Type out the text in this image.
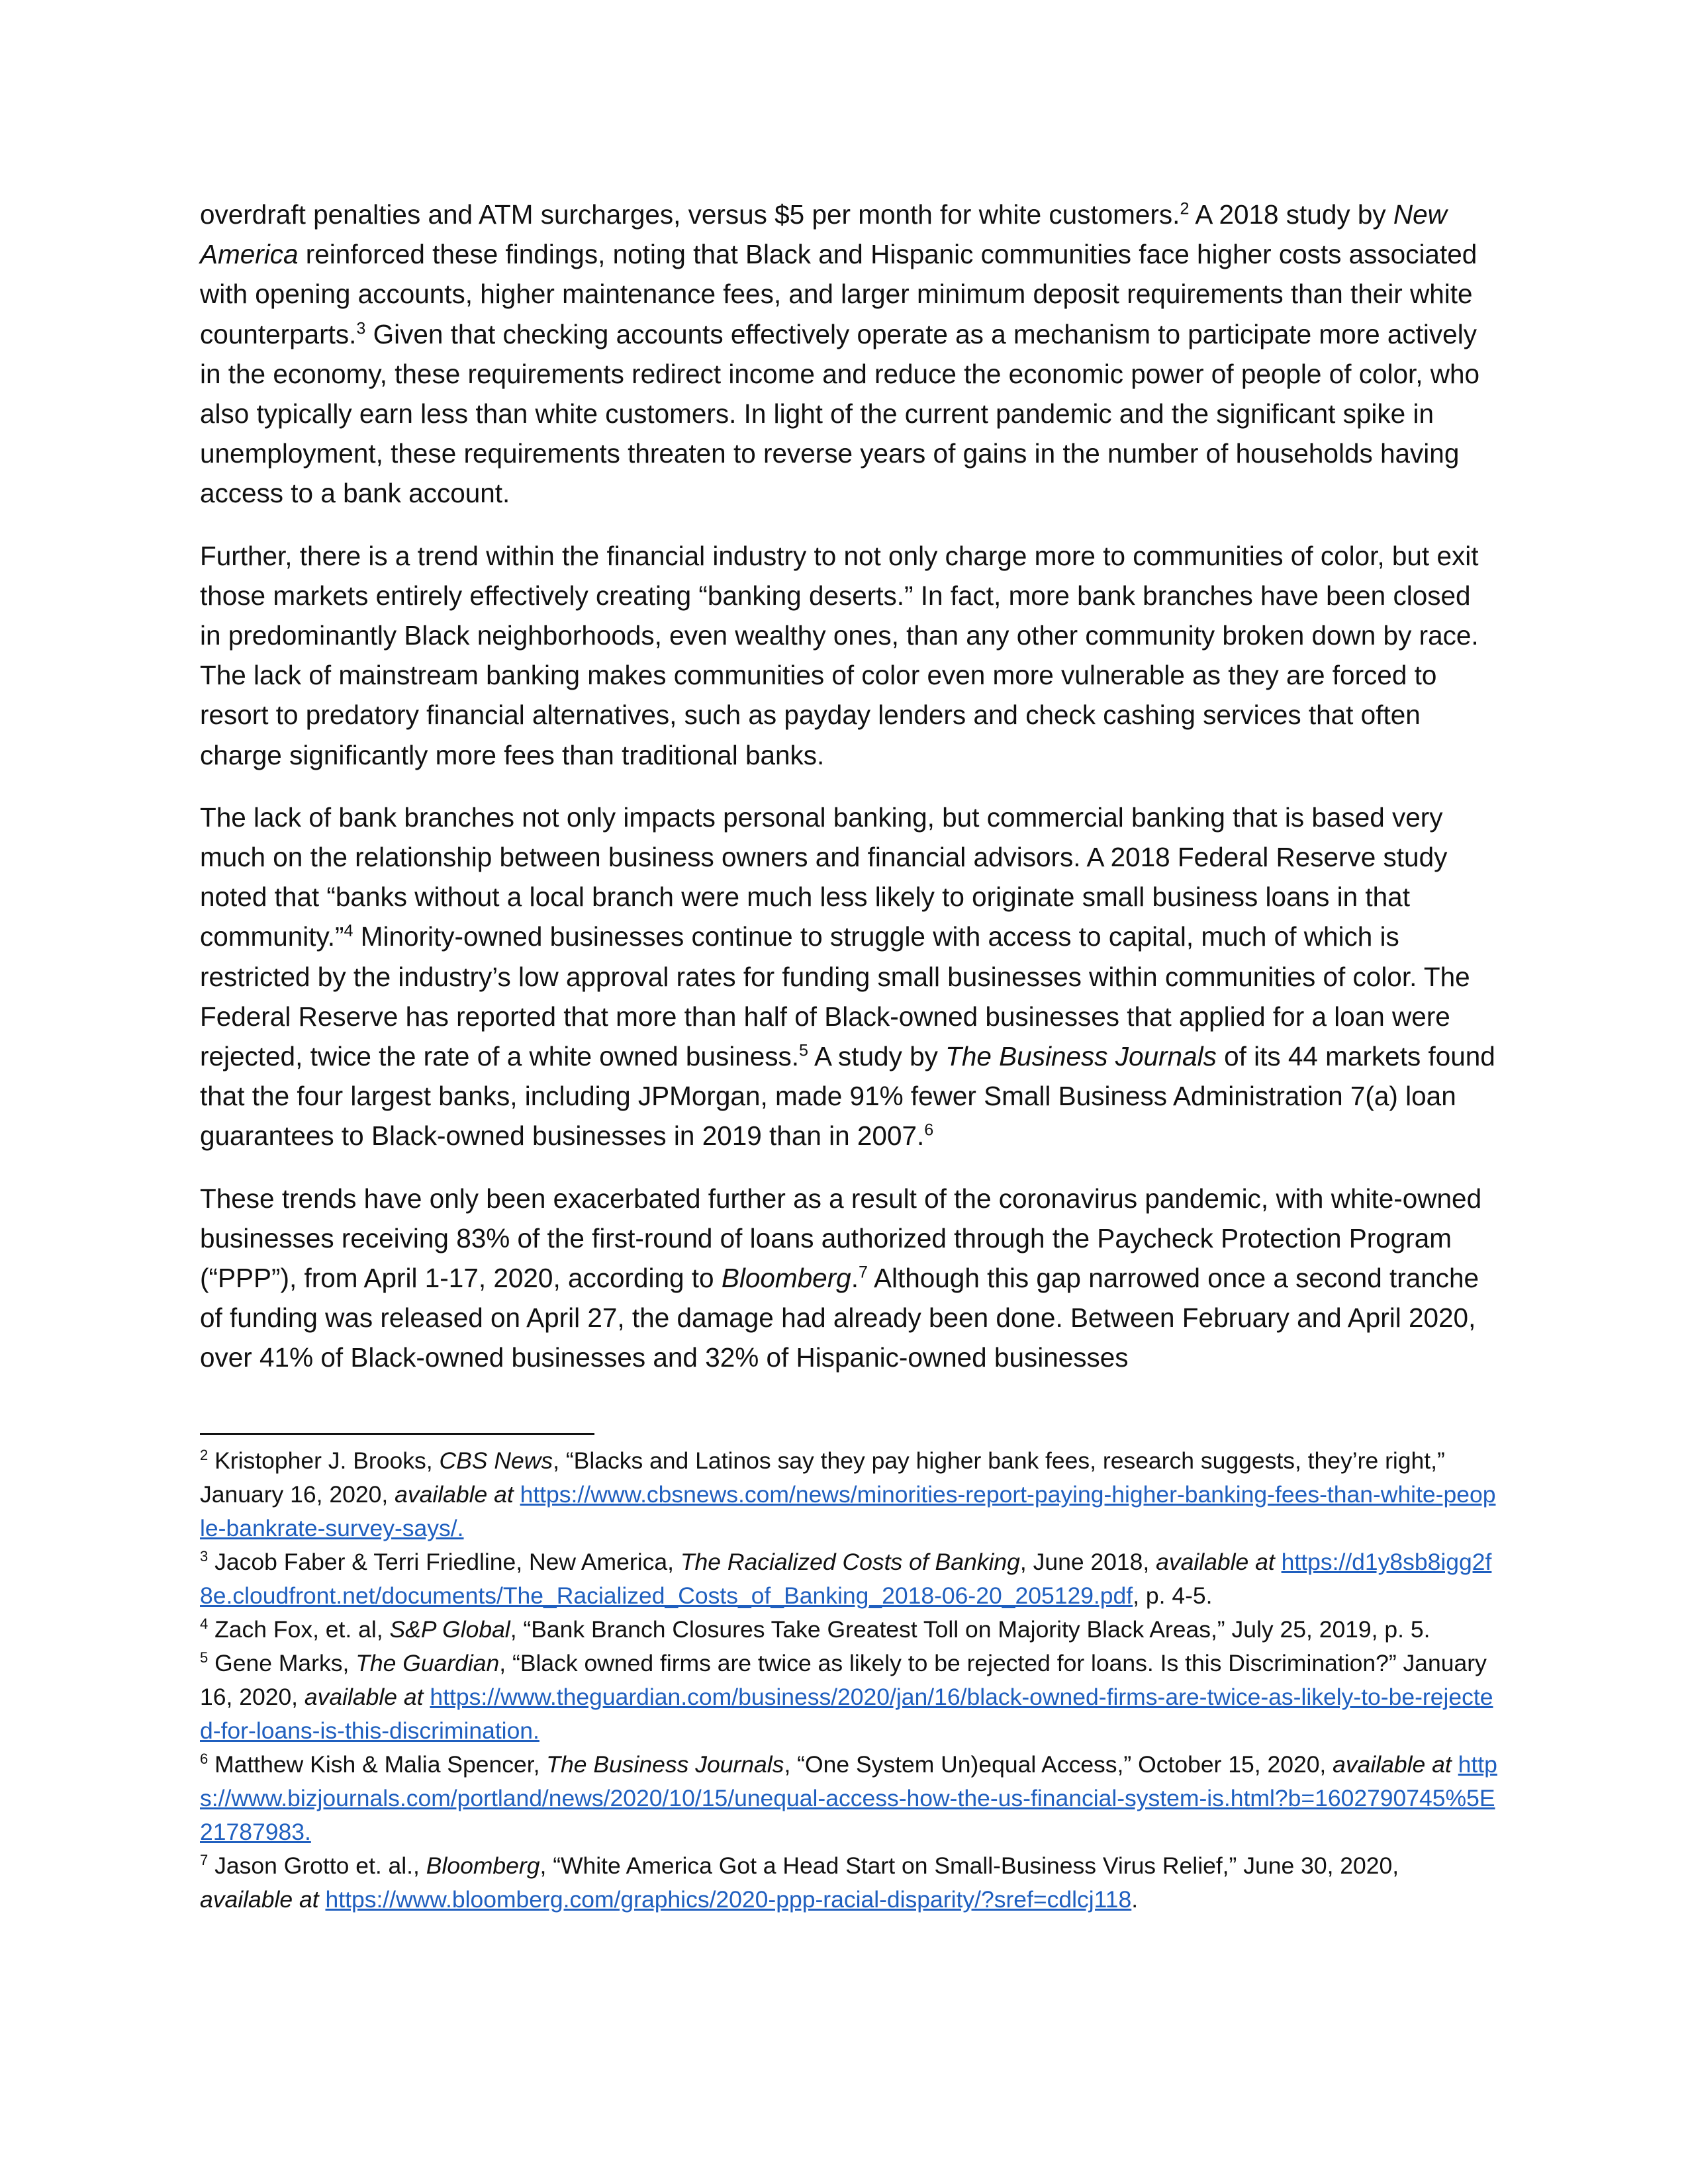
overdraft penalties and ATM surcharges, versus $5 per month for white customers.$^2$ A 2018 study by New America reinforced these findings, noting that Black and Hispanic communities face higher costs associated with opening accounts, higher maintenance fees, and larger minimum deposit requirements than their white counterparts.$^3$ Given that checking accounts effectively operate as a mechanism to participate more actively in the economy, these requirements redirect income and reduce the economic power of people of color, who also typically earn less than white customers. In light of the current pandemic and the significant spike in unemployment, these requirements threaten to reverse years of gains in the number of households having access to a bank account.

Further, there is a trend within the financial industry to not only charge more to communities of color, but exit those markets entirely effectively creating “banking deserts.” In fact, more bank branches have been closed in predominantly Black neighborhoods, even wealthy ones, than any other community broken down by race. The lack of mainstream banking makes communities of color even more vulnerable as they are forced to resort to predatory financial alternatives, such as payday lenders and check cashing services that often charge significantly more fees than traditional banks.

The lack of bank branches not only impacts personal banking, but commercial banking that is based very much on the relationship between business owners and financial advisors. A 2018 Federal Reserve study noted that “banks without a local branch were much less likely to originate small business loans in that community.”$^4$ Minority-owned businesses continue to struggle with access to capital, much of which is restricted by the industry’s low approval rates for funding small businesses within communities of color. The Federal Reserve has reported that more than half of Black-owned businesses that applied for a loan were rejected, twice the rate of a white owned business.$^5$ A study by The Business Journals of its 44 markets found that the four largest banks, including JPMorgan, made 91% fewer Small Business Administration 7(a) loan guarantees to Black-owned businesses in 2019 than in 2007.$^6$

These trends have only been exacerbated further as a result of the coronavirus pandemic, with white-owned businesses receiving 83% of the first-round of loans authorized through the Paycheck Protection Program (“PPP”), from April 1-17, 2020, according to Bloomberg.$^7$ Although this gap narrowed once a second tranche of funding was released on April 27, the damage had already been done. Between February and April 2020, over 41% of Black-owned businesses and 32% of Hispanic-owned businesses

$^2$ Kristopher J. Brooks, CBS News, “Blacks and Latinos say they pay higher bank fees, research suggests, they’re right,” January 16, 2020, available at https://www.cbsnews.com/news/minorities-report-paying-higher-banking-fees-than-white-people-bankrate-survey-says/.

$^3$ Jacob Faber & Terri Friedline, New America, The Racialized Costs of Banking, June 2018, available at https://d1y8sb8igg2f8e.cloudfront.net/documents/The_Racialized_Costs_of_Banking_2018-06-20_205129.pdf, p. 4-5.

$^4$ Zach Fox, et. al, S&P Global, “Bank Branch Closures Take Greatest Toll on Majority Black Areas,” July 25, 2019, p. 5.

$^5$ Gene Marks, The Guardian, “Black owned firms are twice as likely to be rejected for loans. Is this Discrimination?” January 16, 2020, available at https://www.theguardian.com/business/2020/jan/16/black-owned-firms-are-twice-as-likely-to-be-rejected-for-loans-is-this-discrimination.

$^6$ Matthew Kish & Malia Spencer, The Business Journals, “One System Un)equal Access,” October 15, 2020, available at https://www.bizjournals.com/portland/news/2020/10/15/unequal-access-how-the-us-financial-system-is.html?b=1602790745%5E21787983.

$^7$ Jason Grotto et. al., Bloomberg, “White America Got a Head Start on Small-Business Virus Relief,” June 30, 2020, available at https://www.bloomberg.com/graphics/2020-ppp-racial-disparity/?sref=cdlcj118.
